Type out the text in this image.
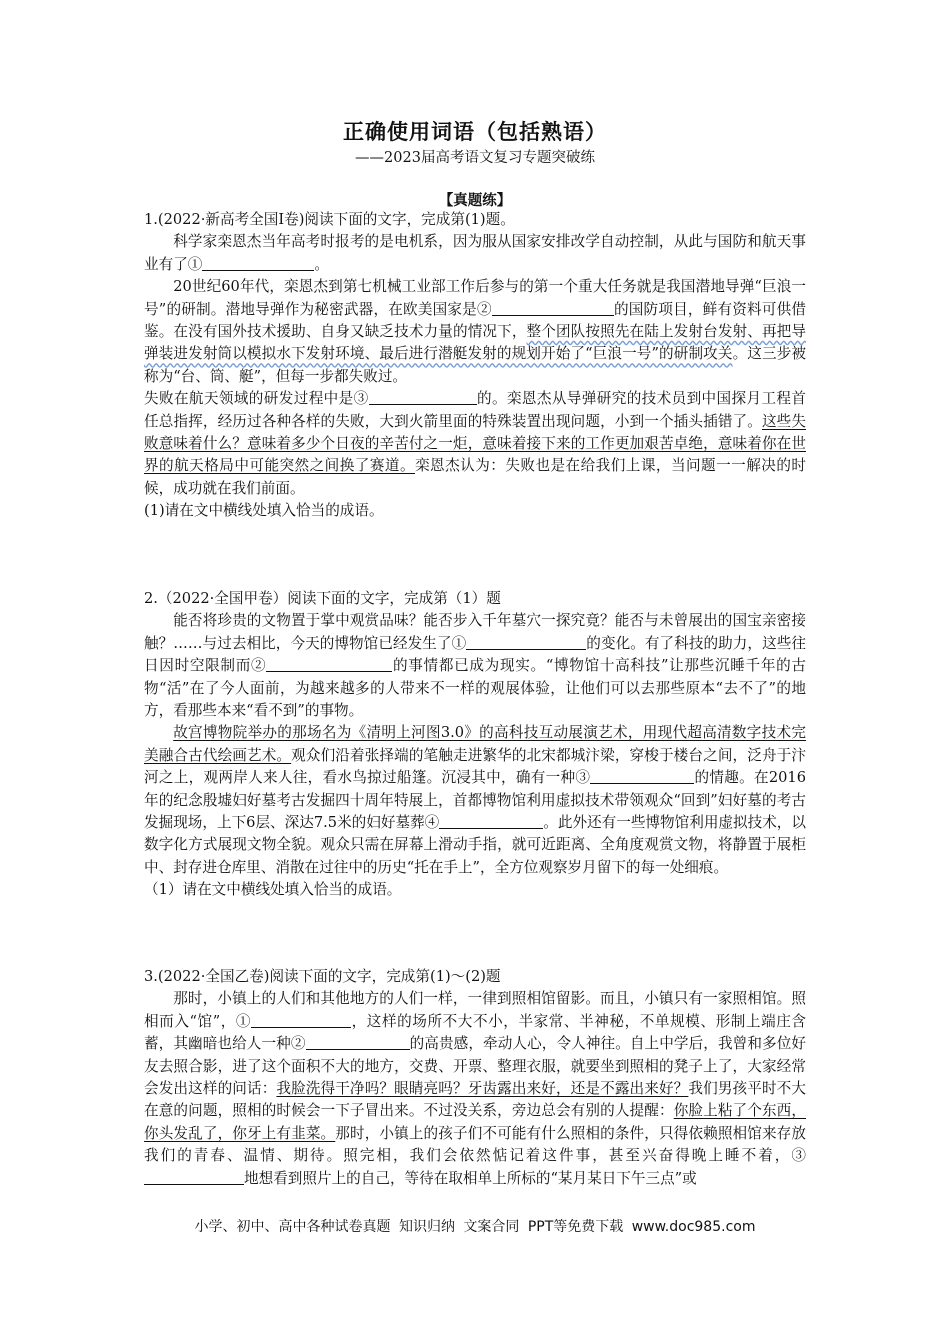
正确使用词语（包括熟语）
——2023届高考语文复习专题突破练
【真题练】

1.(2022·新高考全国Ⅰ卷)阅读下面的文字，完成第(1)题。

科学家栾恩杰当年高考时报考的是电机系，因为服从国家安排改学自动控制，从此与国防和航天事业有了①	。

20世纪60年代，栾恩杰到第七机械工业部工作后参与的第一个重大任务就是我国潜地导弹“巨浪一号”的研制。潜地导弹作为秘密武器，在欧美国家是②	的国防项目，鲜有资料可供借鉴。在没有国外技术援助、自身又缺乏技术力量的情况下，整个团队按照先在陆上发射台发射、再把导弹装进发射筒以模拟水下发射环境、最后进行潜艇发射的规划开始了“巨浪一号”的研制攻关。这三步被称为“台、筒、艇”，但每一步都失败过。

失败在航天领域的研发过程中是③	的。栾恩杰从导弹研究的技术员到中国探月工程首任总指挥，经历过各种各样的失败，大到火箭里面的特殊装置出现问题，小到一个插头插错了。这些失败意味着什么？意味着多少个日夜的辛苦付之一炬，意味着接下来的工作更加艰苦卓绝，意味着你在世界的航天格局中可能突然之间换了赛道。栾恩杰认为：失败也是在给我们上课，当问题一一解决的时候，成功就在我们前面。

(1)请在文中横线处填入恰当的成语。

2.（2022·全国甲卷）阅读下面的文字，完成第（1）题

能否将珍贵的文物置于掌中观赏品味？能否步入千年墓穴一探究竟？能否与未曾展出的国宝亲密接触？……与过去相比，今天的博物馆已经发生了①	的变化。有了科技的助力，这些往日因时空限制而②	的事情都已成为现实。“博物馆十高科技”让那些沉睡千年的古物“活”在了今人面前，为越来越多的人带来不一样的观展体验，让他们可以去那些原本“去不了”的地方，看那些本来“看不到”的事物。

故宫博物院举办的那场名为《清明上河图3.0》的高科技互动展演艺术，用现代超高清数字技术完美融合古代绘画艺术。观众们沿着张择端的笔触走进繁华的北宋都城汴梁，穿梭于楼台之间，泛舟于汴河之上，观两岸人来人往，看水鸟掠过船篷。沉浸其中，确有一种③	的情趣。在2016年的纪念殷墟妇好墓考古发掘四十周年特展上，首都博物馆利用虚拟技术带领观众“回到”妇好墓的考古发掘现场，上下6层、深达7.5米的妇好墓葬④	。此外还有一些博物馆利用虚拟技术，以数字化方式展现文物全貌。观众只需在屏幕上滑动手指，就可近距离、全角度观赏文物，将静置于展柜中、封存进仓库里、消散在过往中的历史“托在手上”，全方位观察岁月留下的每一处细痕。

（1）请在文中横线处填入恰当的成语。

3.(2022·全国乙卷)阅读下面的文字，完成第(1)～(2)题

那时，小镇上的人们和其他地方的人们一样，一律到照相馆留影。而且，小镇只有一家照相馆。照相而入“馆”，①	，这样的场所不大不小，半家常、半神秘，不单规模、形制上端庄含蓄，其幽暗也给人一种②	的高贵感，牵动人心，令人神往。自上中学后，我曾和多位好友去照合影，进了这个面积不大的地方，交费、开票、整理衣服，就要坐到照相的凳子上了，大家经常会发出这样的问话：我脸洗得干净吗？眼睛亮吗？牙齿露出来好，还是不露出来好？我们男孩平时不大在意的问题，照相的时候会一下子冒出来。不过没关系，旁边总会有别的人提醒：你脸上粘了个东西，你头发乱了，你牙上有韭菜。那时，小镇上的孩子们不可能有什么照相的条件，只得依赖照相馆来存放我们的青春、温情、期待。照完相，我们会依然惦记着这件事，甚至兴奋得晚上睡不着，③地想看到照片上的自己，等待在取相单上所标的“某月某日下午三点”或

小学、初中、高中各种试卷真题 知识归纳 文案合同 PPT等免费下载 www.doc985.com
